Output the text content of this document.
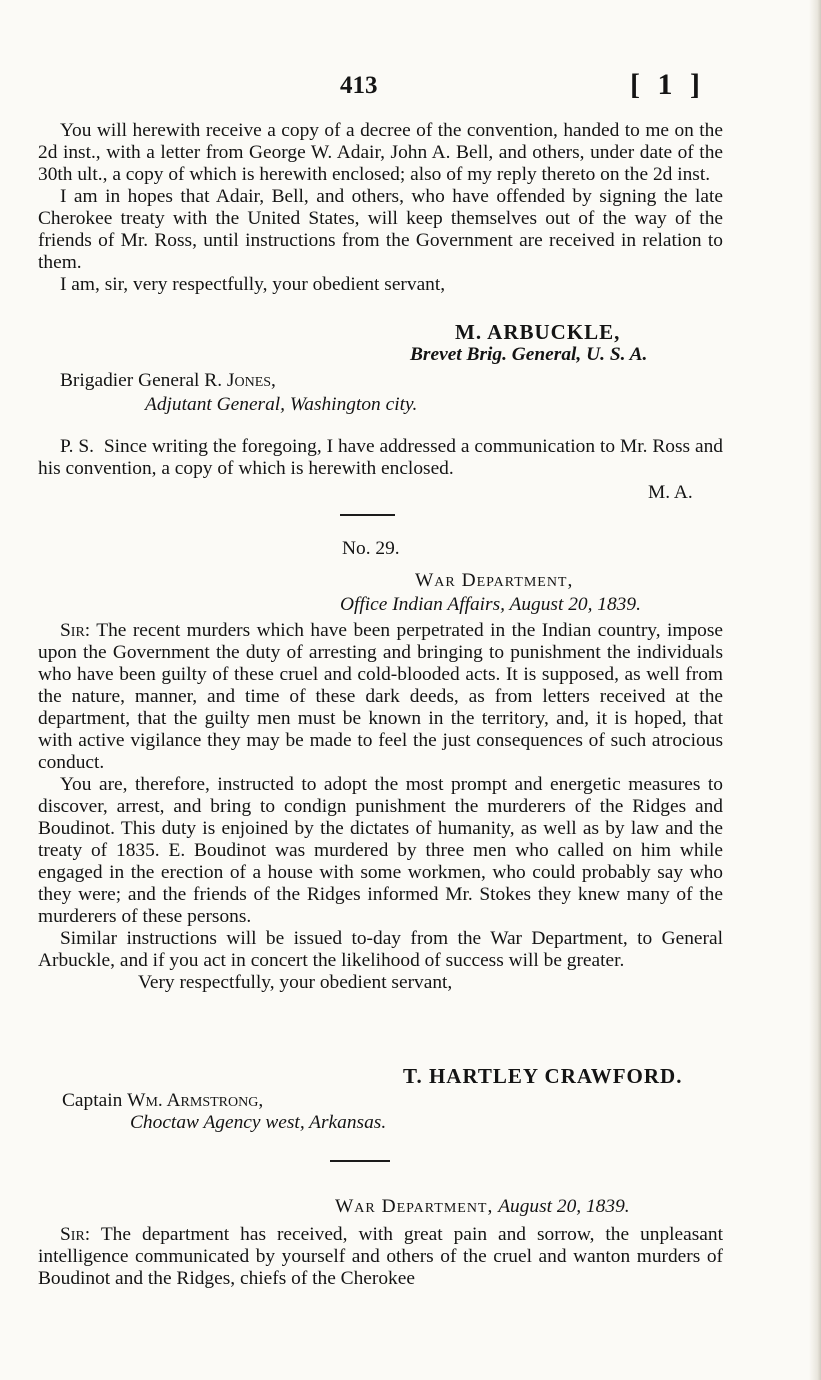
413	[ 1 ]

You will herewith receive a copy of a decree of the convention, handed to me on the 2d inst., with a letter from George W. Adair, John A. Bell, and others, under date of the 30th ult., a copy of which is herewith enclosed; also of my reply thereto on the 2d inst.

I am in hopes that Adair, Bell, and others, who have offended by signing the late Cherokee treaty with the United States, will keep themselves out of the way of the friends of Mr. Ross, until instructions from the Government are received in relation to them.

I am, sir, very respectfully, your obedient servant,

M. ARBUCKLE,
Brevet Brig. General, U. S. A.
Brigadier General R. Jones,
Adjutant General, Washington city.

P. S. Since writing the foregoing, I have addressed a communication to Mr. Ross and his convention, a copy of which is herewith enclosed.

M. A.
No. 29.
War Department,
Office Indian Affairs, August 20, 1839.

Sir: The recent murders which have been perpetrated in the Indian country, impose upon the Government the duty of arresting and bringing to punishment the individuals who have been guilty of these cruel and cold-blooded acts. It is supposed, as well from the nature, manner, and time of these dark deeds, as from letters received at the department, that the guilty men must be known in the territory, and, it is hoped, that with active vigilance they may be made to feel the just consequences of such atrocious conduct.

You are, therefore, instructed to adopt the most prompt and energetic measures to discover, arrest, and bring to condign punishment the murderers of the Ridges and Boudinot. This duty is enjoined by the dictates of humanity, as well as by law and the treaty of 1835. E. Boudinot was murdered by three men who called on him while engaged in the erection of a house with some workmen, who could probably say who they were; and the friends of the Ridges informed Mr. Stokes they knew many of the murderers of these persons.

Similar instructions will be issued to-day from the War Department, to General Arbuckle, and if you act in concert the likelihood of success will be greater.

Very respectfully, your obedient servant,

T. HARTLEY CRAWFORD.
Captain Wm. Armstrong,
Choctaw Agency west, Arkansas.
War Department, August 20, 1839.

Sir: The department has received, with great pain and sorrow, the unpleasant intelligence communicated by yourself and others of the cruel and wanton murders of Boudinot and the Ridges, chiefs of the Cherokee
